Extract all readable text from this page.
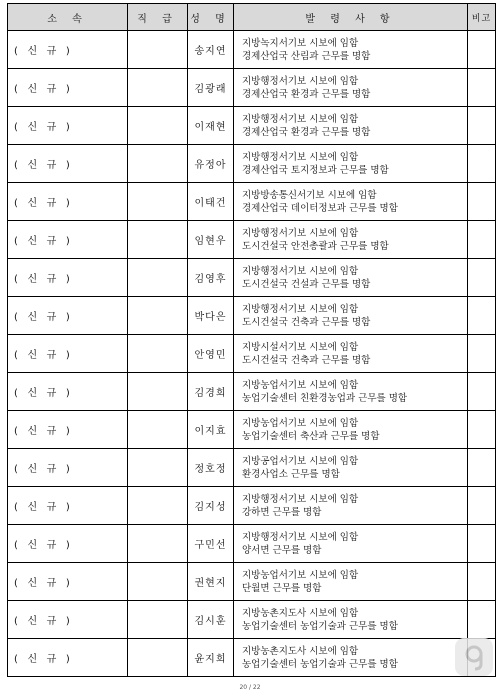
소 속	직 급	성 명	발 령 사 항	비고
(   신   규   )		송지연	지방녹지서기보 시보에 임함
경제산업국 산림과 근무를 명함	

(   신   규   )		김광래	지방행정서기보 시보에 임함
경제산업국 환경과 근무를 명함	

(   신   규   )		이재현	지방행정서기보 시보에 임함
경제산업국 환경과 근무를 명함	

(   신   규   )		유정아	지방행정서기보 시보에 임함
경제산업국 토지정보과 근무를 명함	

(   신   규   )		이태건	지방방송통신서기보 시보에 임함
경제산업국 데이터정보과 근무를 명함	

(   신   규   )		임현우	지방행정서기보 시보에 임함
도시건설국 안전총괄과 근무를 명함	

(   신   규   )		김영후	지방행정서기보 시보에 임함
도시건설국 건설과 근무를 명함	

(   신   규   )		박다은	지방행정서기보 시보에 임함
도시건설국 건축과 근무를 명함	

(   신   규   )		안영민	지방시설서기보 시보에 임함
도시건설국 건축과 근무를 명함	

(   신   규   )		김경희	지방농업서기보 시보에 임함
농업기술센터 친환경농업과 근무를 명함	

(   신   규   )		이지효	지방농업서기보 시보에 임함
농업기술센터 축산과 근무를 명함	

(   신   규   )		정호정	지방공업서기보 시보에 임함
환경사업소 근무를 명함	

(   신   규   )		김지성	지방행정서기보 시보에 임함
강하면 근무를 명함	

(   신   규   )		구민선	지방행정서기보 시보에 임함
양서면 근무를 명함	

(   신   규   )		권현지	지방농업서기보 시보에 임함
단월면 근무를 명함	

(   신   규   )		김시훈	지방농촌지도사 시보에 임함
농업기술센터 농업기술과 근무를 명함	

(   신   규   )		윤지희	지방농촌지도사 시보에 임함
농업기술센터 농업기술과 근무를 명함	

20 / 22
